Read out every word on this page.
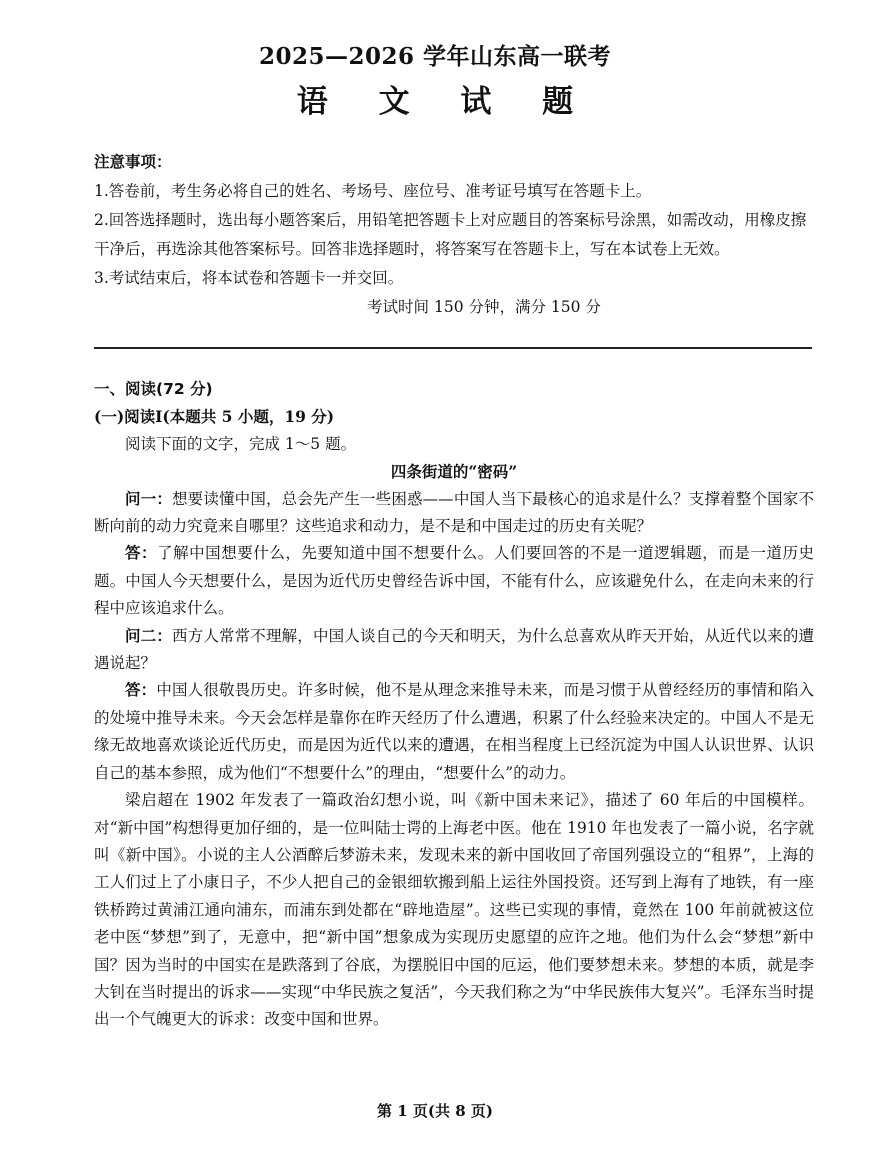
2025—2026 学年山东高一联考
语 文 试 题
注意事项：
1.答卷前，考生务必将自己的姓名、考场号、座位号、准考证号填写在答题卡上。
2.回答选择题时，选出每小题答案后，用铅笔把答题卡上对应题目的答案标号涂黑，如需改动，用橡皮擦干净后，再选涂其他答案标号。回答非选择题时，将答案写在答题卡上，写在本试卷上无效。
3.考试结束后，将本试卷和答题卡一并交回。
考试时间 150 分钟，满分 150 分
一、阅读(72 分)
(一)阅读Ⅰ(本题共 5 小题，19 分)
阅读下面的文字，完成 1～5 题。
四条街道的“密码”
问一：想要读懂中国，总会先产生一些困惑——中国人当下最核心的追求是什么？支撑着整个国家不断向前的动力究竟来自哪里？这些追求和动力，是不是和中国走过的历史有关呢？
答：了解中国想要什么，先要知道中国不想要什么。人们要回答的不是一道逻辑题，而是一道历史题。中国人今天想要什么，是因为近代历史曾经告诉中国，不能有什么，应该避免什么，在走向未来的行程中应该追求什么。
问二：西方人常常不理解，中国人谈自己的今天和明天，为什么总喜欢从昨天开始，从近代以来的遭遇说起？
答：中国人很敬畏历史。许多时候，他不是从理念来推导未来，而是习惯于从曾经经历的事情和陷入的处境中推导未来。今天会怎样是靠你在昨天经历了什么遭遇，积累了什么经验来决定的。中国人不是无缘无故地喜欢谈论近代历史，而是因为近代以来的遭遇，在相当程度上已经沉淀为中国人认识世界、认识自己的基本参照，成为他们“不想要什么”的理由，“想要什么”的动力。
梁启超在 1902 年发表了一篇政治幻想小说，叫《新中国未来记》，描述了 60 年后的中国模样。对“新中国”构想得更加仔细的，是一位叫陆士谔的上海老中医。他在 1910 年也发表了一篇小说，名字就叫《新中国》。小说的主人公酒醉后梦游未来，发现未来的新中国收回了帝国列强设立的“租界”，上海的工人们过上了小康日子，不少人把自己的金银细软搬到船上运往外国投资。还写到上海有了地铁，有一座铁桥跨过黄浦江通向浦东，而浦东到处都在“辟地造屋”。这些已实现的事情，竟然在 100 年前就被这位老中医“梦想”到了，无意中，把“新中国”想象成为实现历史愿望的应许之地。他们为什么会“梦想”新中国？因为当时的中国实在是跌落到了谷底，为摆脱旧中国的厄运，他们要梦想未来。梦想的本质，就是李大钊在当时提出的诉求——实现“中华民族之复活”，今天我们称之为“中华民族伟大复兴”。毛泽东当时提出一个气魄更大的诉求：改变中国和世界。
第 1 页(共 8 页)
